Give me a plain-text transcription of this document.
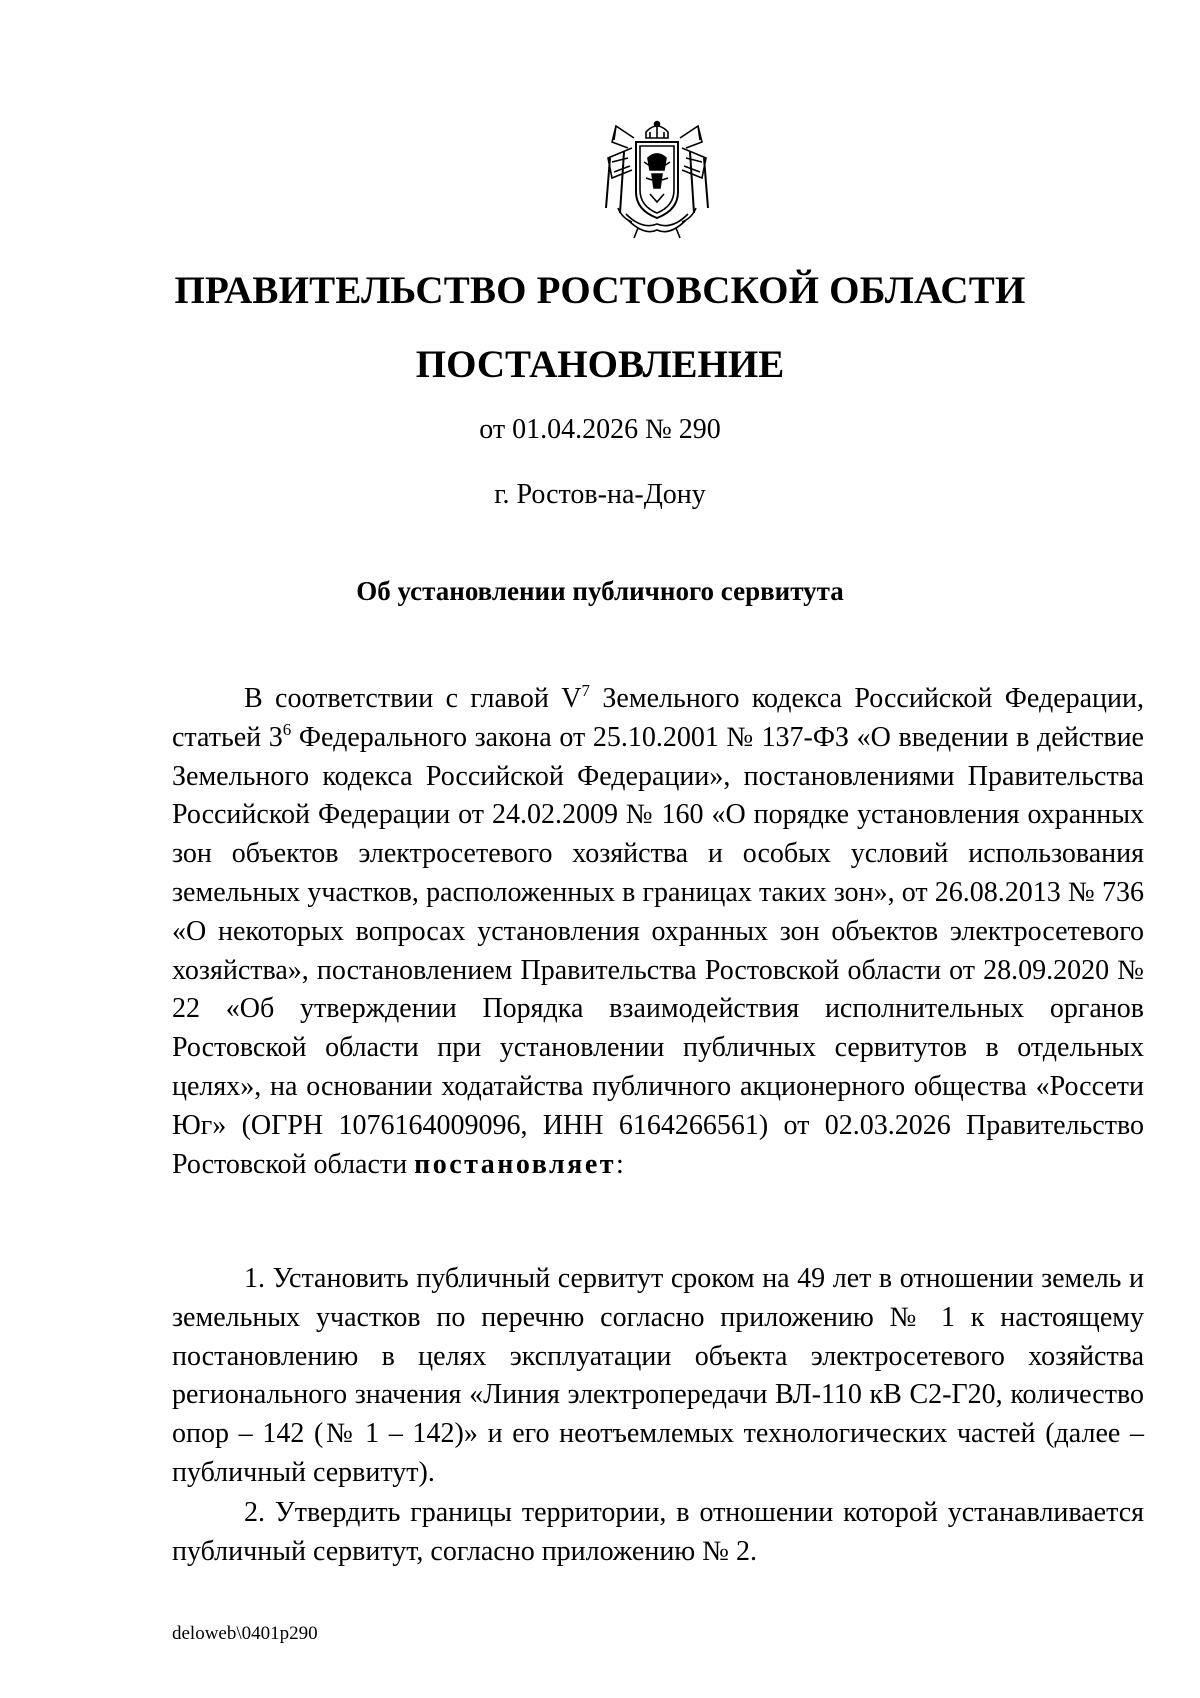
ПРАВИТЕЛЬСТВО РОСТОВСКОЙ ОБЛАСТИ
ПОСТАНОВЛЕНИЕ
от 01.04.2026 № 290
г. Ростов-на-Дону
Об установлении публичного сервитута

В соответствии с главой $V^7$ Земельного кодекса Российской Федерации, статьей $3^6$ Федерального закона от 25.10.2001 № 137-ФЗ «О введении в действие Земельного кодекса Российской Федерации», постановлениями Правительства Российской Федерации от 24.02.2009 № 160 «О порядке установления охранных зон объектов электросетевого хозяйства и особых условий использования земельных участков, расположенных в границах таких зон», от 26.08.2013 № 736 «О некоторых вопросах установления охранных зон объектов электросетевого хозяйства», постановлением Правительства Ростовской области от 28.09.2020 № 22 «Об утверждении Порядка взаимодействия исполнительных органов Ростовской области при установлении публичных сервитутов в отдельных целях», на основании ходатайства публичного акционерного общества «Россети Юг» (ОГРН 1076164009096, ИНН 6164266561) от 02.03.2026 Правительство Ростовской области постановляет:

1. Установить публичный сервитут сроком на 49 лет в отношении земель и земельных участков по перечню согласно приложению № 1 к настоящему постановлению в целях эксплуатации объекта электросетевого хозяйства регионального значения «Линия электропередачи ВЛ-110 кВ С2-Г20, количество опор – 142 (№ 1 – 142)» и его неотъемлемых технологических частей (далее – публичный сервитут).

2. Утвердить границы территории, в отношении которой устанавливается публичный сервитут, согласно приложению № 2.

deloweb\0401p290
